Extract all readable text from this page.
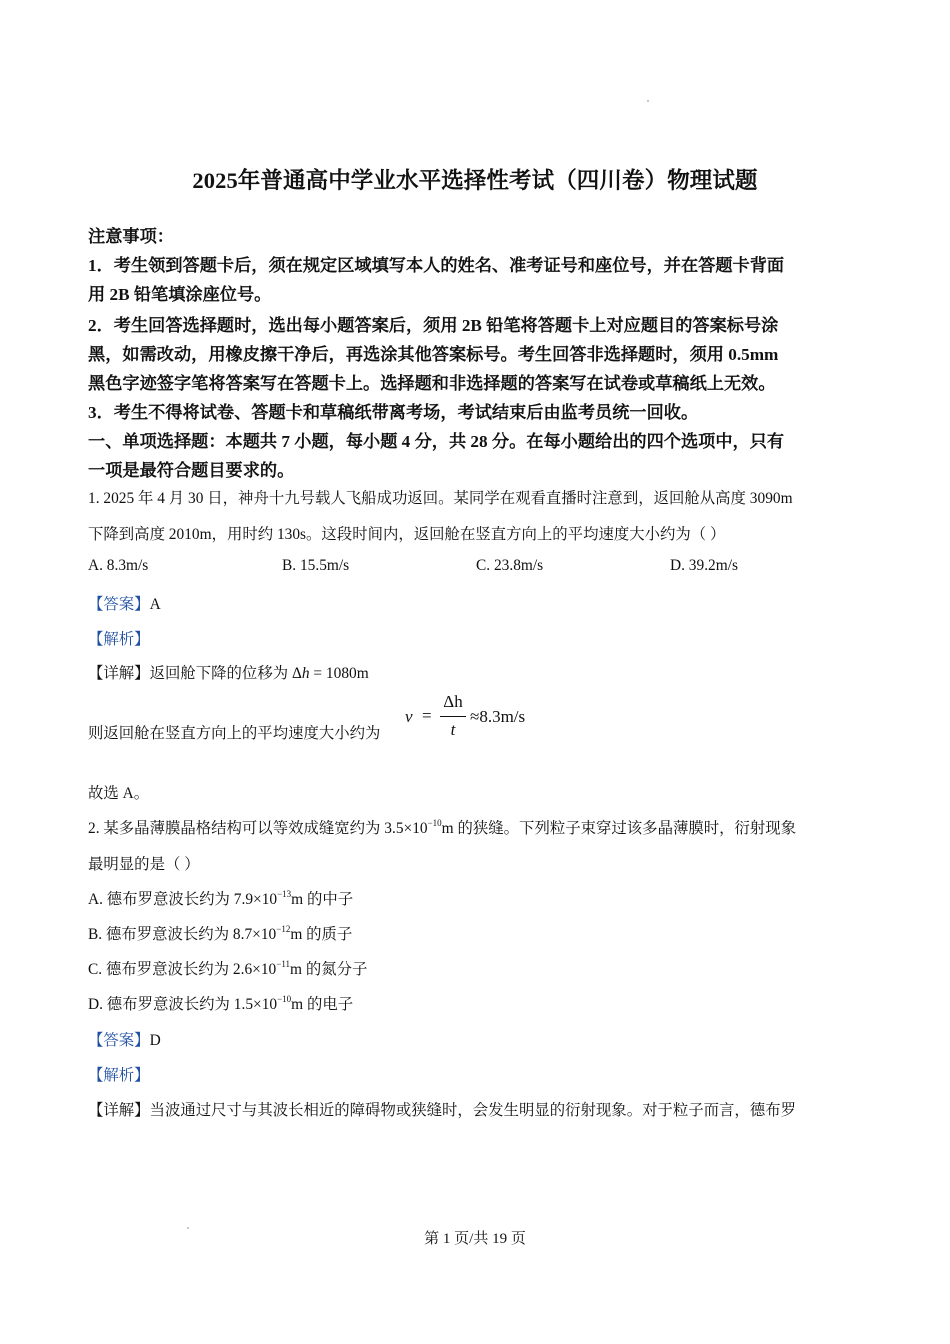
2025年普通高中学业水平选择性考试（四川卷）物理试题
注意事项：
1．考生领到答题卡后，须在规定区域填写本人的姓名、准考证号和座位号，并在答题卡背面
用 2B 铅笔填涂座位号。
2．考生回答选择题时，选出每小题答案后，须用 2B 铅笔将答题卡上对应题目的答案标号涂
黑，如需改动，用橡皮擦干净后，再选涂其他答案标号。考生回答非选择题时，须用 0.5mm
黑色字迹签字笔将答案写在答题卡上。选择题和非选择题的答案写在试卷或草稿纸上无效。
3．考生不得将试卷、答题卡和草稿纸带离考场，考试结束后由监考员统一回收。
一、单项选择题：本题共 7 小题，每小题 4 分，共 28 分。在每小题给出的四个选项中，只有
一项是最符合题目要求的。
1. 2025 年 4 月 30 日，神舟十九号载人飞船成功返回。某同学在观看直播时注意到，返回舱从高度 3090m
下降到高度 2010m，用时约 130s。这段时间内，返回舱在竖直方向上的平均速度大小约为（ ）
A. 8.3m/s	B. 15.5m/s	C. 23.8m/s	D. 39.2m/s
【答案】A
【解析】
【详解】返回舱下降的位移为 Δh = 1080m
则返回舱在竖直方向上的平均速度大小约为
v =
Δh
t
≈8.3m/s
故选 A。
2. 某多晶薄膜晶格结构可以等效成缝宽约为 $3.5\times 10^{-10}m$ 的狭缝。下列粒子束穿过该多晶薄膜时，衍射现象
最明显的是（ ）
A. 德布罗意波长约为 $7.9\times 10^{-13}m$ 的中子
B. 德布罗意波长约为 $8.7\times 10^{-12}m$ 的质子
C. 德布罗意波长约为 $2.6\times 10^{-11}m$ 的氮分子
D. 德布罗意波长约为 $1.5\times 10^{-10}m$ 的电子
【答案】D
【解析】
【详解】当波通过尺寸与其波长相近的障碍物或狭缝时，会发生明显的衍射现象。对于粒子而言，德布罗
第 1 页/共 19 页
